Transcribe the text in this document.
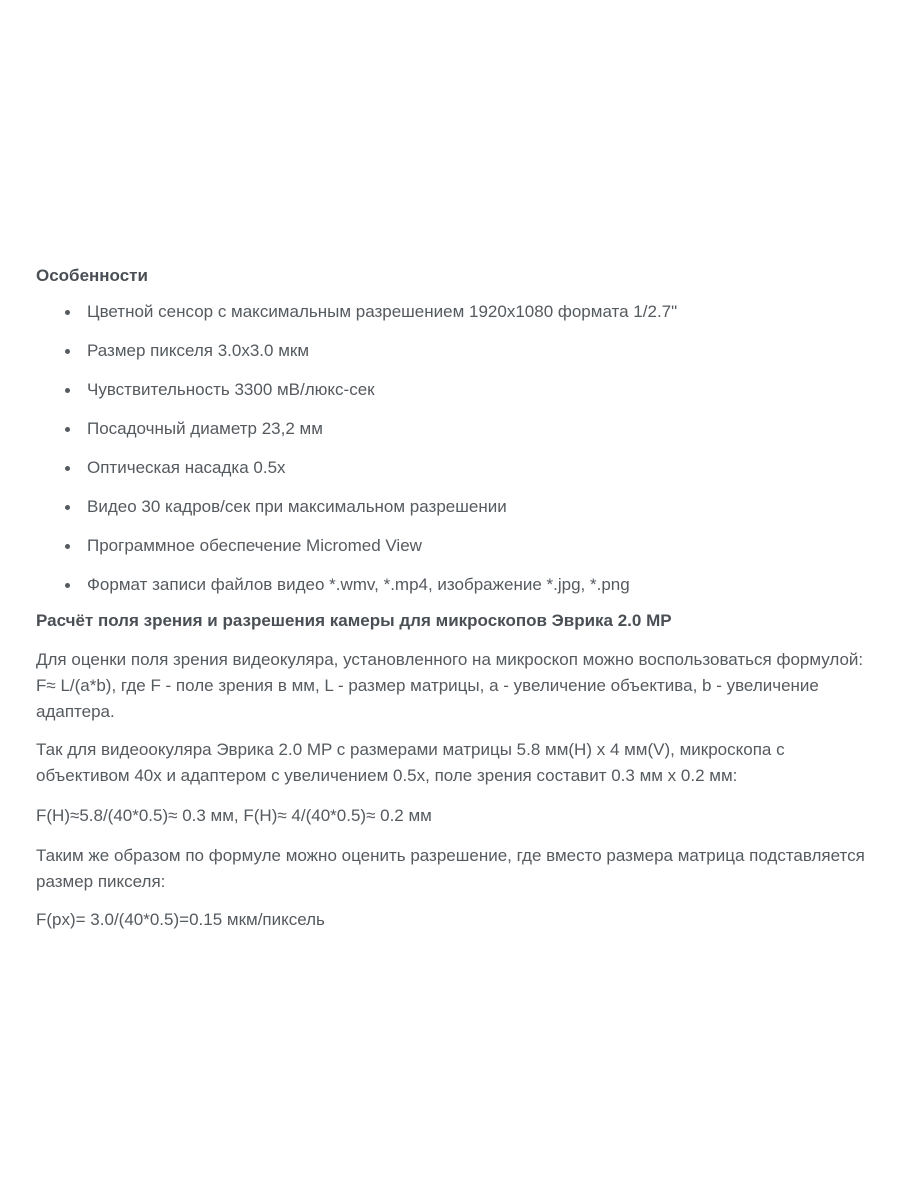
Особенности
Цветной сенсор с максимальным разрешением 1920х1080 формата 1/2.7"
Размер пикселя 3.0х3.0 мкм
Чувствительность 3300 мВ/люкс-сек
Посадочный диаметр 23,2 мм
Оптическая насадка 0.5х
Видео 30 кадров/сек при максимальном разрешении
Программное обеспечение Micromed View
Формат записи файлов видео *.wmv, *.mp4, изображение *.jpg, *.png
Расчёт поля зрения и разрешения камеры для микроскопов Эврика 2.0 MP

Для оценки поля зрения видеокуляра, установленного на микроскоп можно воспользоваться формулой: F≈ L/(a*b), где F - поле зрения в мм, L - размер матрицы, a - увеличение объектива, b - увеличение адаптера.

Так для видеоокуляра Эврика 2.0 MP с размерами матрицы 5.8 мм(H) x 4 мм(V), микроскопа с объективом 40х и адаптером с увеличением 0.5х, поле зрения составит 0.3 мм х 0.2 мм:

F(H)≈5.8/(40*0.5)≈ 0.3 мм, F(H)≈ 4/(40*0.5)≈ 0.2 мм

Таким же образом по формуле можно оценить разрешение, где вместо размера матрица подставляется размер пикселя:

F(px)= 3.0/(40*0.5)=0.15 мкм/пиксель
